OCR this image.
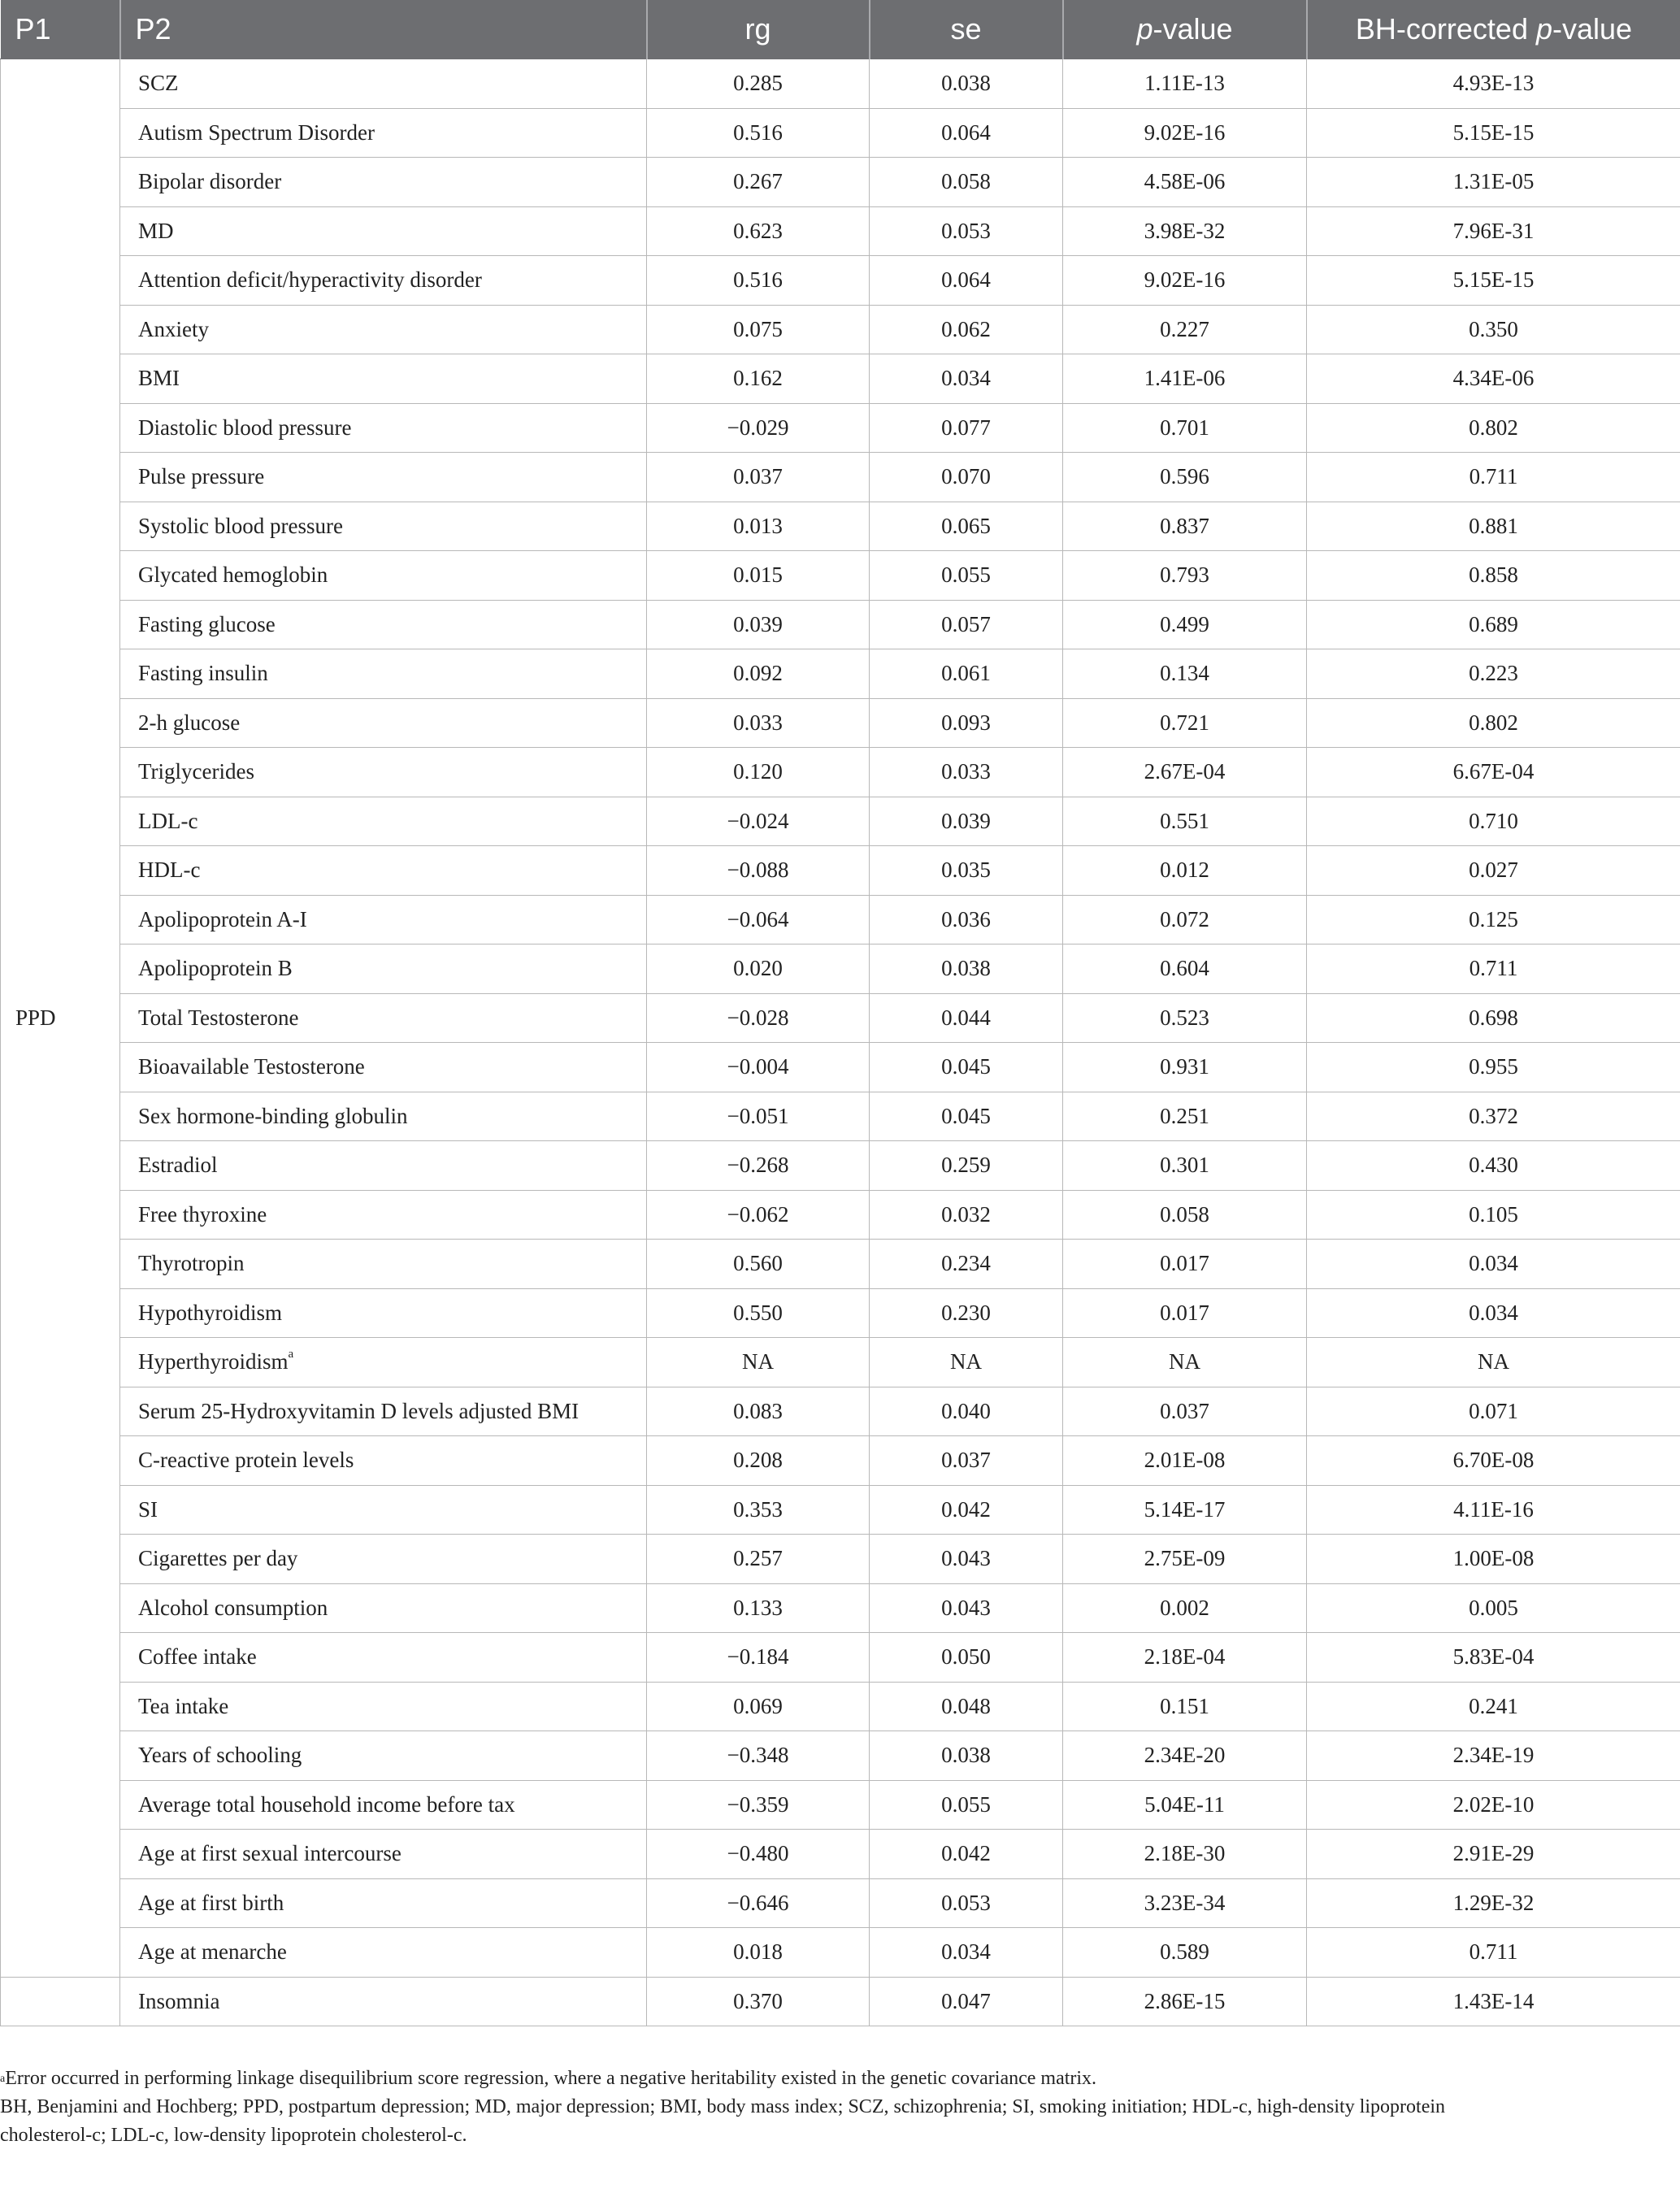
P1	P2	rg	se	p-value	BH-corrected p-value
PPD	SCZ	0.285	0.038	1.11E-13	4.93E-13
	Autism Spectrum Disorder	0.516	0.064	9.02E-16	5.15E-15
	Bipolar disorder	0.267	0.058	4.58E-06	1.31E-05
	MD	0.623	0.053	3.98E-32	7.96E-31
	Attention deficit/hyperactivity disorder	0.516	0.064	9.02E-16	5.15E-15
	Anxiety	0.075	0.062	0.227	0.350
	BMI	0.162	0.034	1.41E-06	4.34E-06
	Diastolic blood pressure	−0.029	0.077	0.701	0.802
	Pulse pressure	0.037	0.070	0.596	0.711
	Systolic blood pressure	0.013	0.065	0.837	0.881
	Glycated hemoglobin	0.015	0.055	0.793	0.858
	Fasting glucose	0.039	0.057	0.499	0.689
	Fasting insulin	0.092	0.061	0.134	0.223
	2-h glucose	0.033	0.093	0.721	0.802
	Triglycerides	0.120	0.033	2.67E-04	6.67E-04
	LDL-c	−0.024	0.039	0.551	0.710
	HDL-c	−0.088	0.035	0.012	0.027
	Apolipoprotein A-I	−0.064	0.036	0.072	0.125
	Apolipoprotein B	0.020	0.038	0.604	0.711
	Total Testosterone	−0.028	0.044	0.523	0.698
	Bioavailable Testosterone	−0.004	0.045	0.931	0.955
	Sex hormone-binding globulin	−0.051	0.045	0.251	0.372
	Estradiol	−0.268	0.259	0.301	0.430
	Free thyroxine	−0.062	0.032	0.058	0.105
	Thyrotropin	0.560	0.234	0.017	0.034
	Hypothyroidism	0.550	0.230	0.017	0.034
	Hyperthyroidism$^a$	NA	NA	NA	NA
	Serum 25-Hydroxyvitamin D levels adjusted BMI	0.083	0.040	0.037	0.071
	C-reactive protein levels	0.208	0.037	2.01E-08	6.70E-08
	SI	0.353	0.042	5.14E-17	4.11E-16
	Cigarettes per day	0.257	0.043	2.75E-09	1.00E-08
	Alcohol consumption	0.133	0.043	0.002	0.005
	Coffee intake	−0.184	0.050	2.18E-04	5.83E-04
	Tea intake	0.069	0.048	0.151	0.241
	Years of schooling	−0.348	0.038	2.34E-20	2.34E-19
	Average total household income before tax	−0.359	0.055	5.04E-11	2.02E-10
	Age at first sexual intercourse	−0.480	0.042	2.18E-30	2.91E-29
	Age at first birth	−0.646	0.053	3.23E-34	1.29E-32
	Age at menarche	0.018	0.034	0.589	0.711
	Insomnia	0.370	0.047	2.86E-15	1.43E-14

$^a$Error occurred in performing linkage disequilibrium score regression, where a negative heritability existed in the genetic covariance matrix.

BH, Benjamini and Hochberg; PPD, postpartum depression; MD, major depression; BMI, body mass index; SCZ, schizophrenia; SI, smoking initiation; HDL-c, high-density lipoprotein

cholesterol-c; LDL-c, low-density lipoprotein cholesterol-c.
